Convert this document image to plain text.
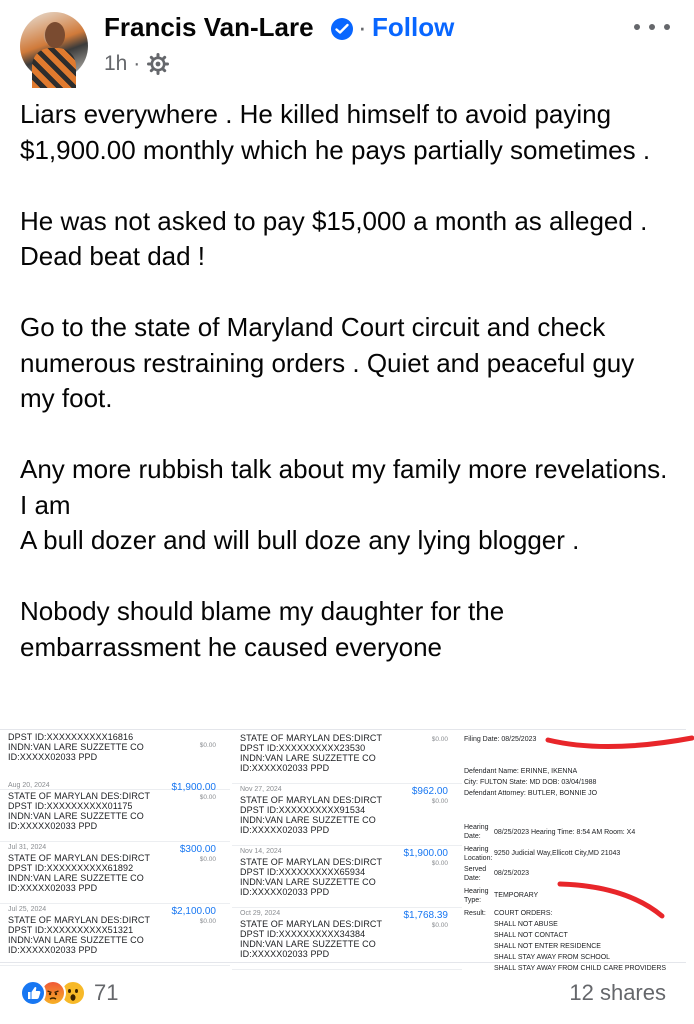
Francis Van-Lare · Follow
1h ·

Liars everywhere . He killed himself to avoid paying $1,900.00 monthly which he pays partially sometimes .

He was not asked to pay $15,000 a month as alleged . Dead beat dad !

Go to the state of Maryland Court circuit and check numerous restraining orders . Quiet and peaceful guy my foot.

Any more rubbish talk about my family more revelations. I am
A bull dozer and will bull doze any lying blogger .

Nobody should blame my daughter for the embarrassment he caused everyone

DPST ID:XXXXXXXXXX16816
INDN:VAN LARE SUZZETTE CO
ID:XXXXX02033 PPD
$0.00
Aug 20, 2024
STATE OF MARYLAN DES:DIRCT
DPST ID:XXXXXXXXXX01175
INDN:VAN LARE SUZZETTE CO
ID:XXXXX02033 PPD
$1,900.00
$0.00
Jul 31, 2024
STATE OF MARYLAN DES:DIRCT
DPST ID:XXXXXXXXXX61892
INDN:VAN LARE SUZZETTE CO
ID:XXXXX02033 PPD
$300.00
$0.00
Jul 25, 2024
STATE OF MARYLAN DES:DIRCT
DPST ID:XXXXXXXXXX51321
INDN:VAN LARE SUZZETTE CO
ID:XXXXX02033 PPD
$2,100.00
$0.00
STATE OF MARYLAN DES:DIRCT
DPST ID:XXXXXXXXXX23530
INDN:VAN LARE SUZZETTE CO
ID:XXXXX02033 PPD
$0.00
Nov 27, 2024
STATE OF MARYLAN DES:DIRCT
DPST ID:XXXXXXXXXX91534
INDN:VAN LARE SUZZETTE CO
ID:XXXXX02033 PPD
$962.00
$0.00
Nov 14, 2024
STATE OF MARYLAN DES:DIRCT
DPST ID:XXXXXXXXXX65934
INDN:VAN LARE SUZZETTE CO
ID:XXXXX02033 PPD
$1,900.00
$0.00
Oct 29, 2024
STATE OF MARYLAN DES:DIRCT
DPST ID:XXXXXXXXXX34384
INDN:VAN LARE SUZZETTE CO
ID:XXXXX02033 PPD
$1,768.39
$0.00
Filing Date: 08/25/2023
Defendant Name: ERINNE, IKENNA
City: FULTON State: MD DOB: 03/04/1988
Defendant Attorney: BUTLER, BONNIE JO
Hearing
Date:
08/25/2023 Hearing Time: 8:54 AM Room: X4
Hearing
Location:
9250 Judicial Way,Ellicott City,MD 21043
Served
Date:
08/25/2023
Hearing
Type:
TEMPORARY
Result: COURT ORDERS:
SHALL NOT ABUSE
SHALL NOT CONTACT
SHALL NOT ENTER RESIDENCE
SHALL STAY AWAY FROM SCHOOL
SHALL STAY AWAY FROM CHILD CARE PROVIDERS
71	12 shares
